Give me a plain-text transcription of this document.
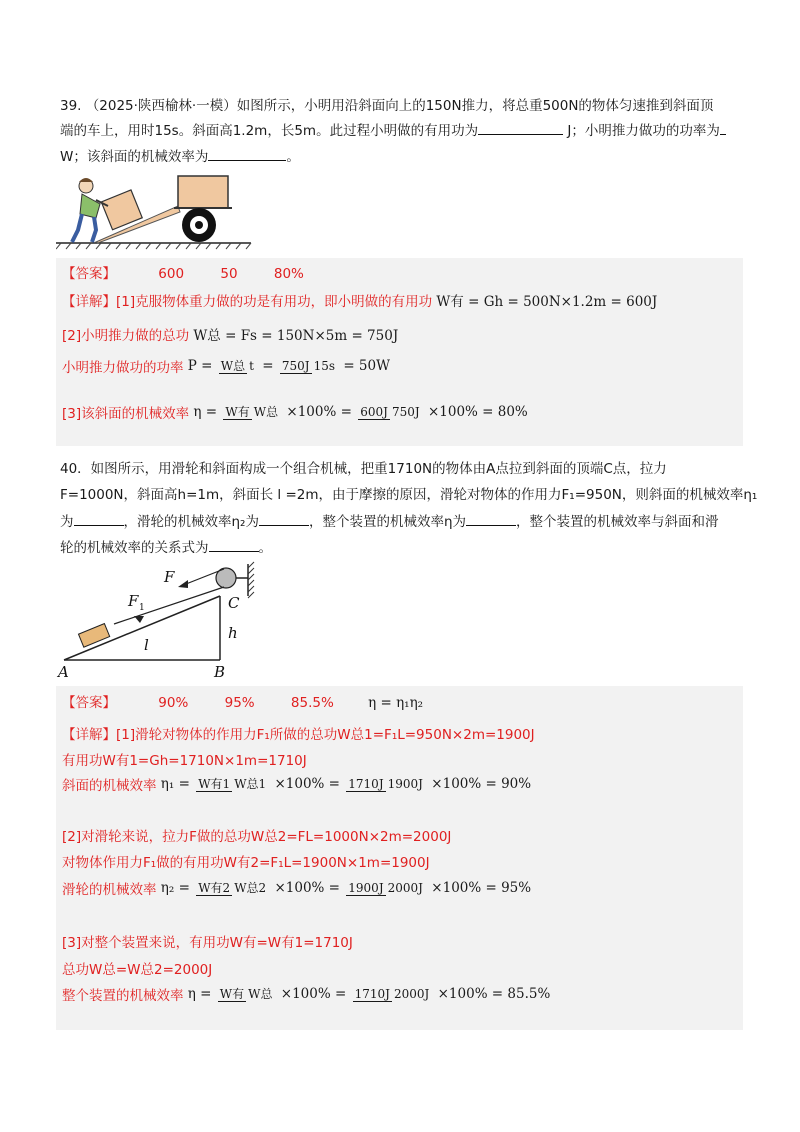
39. （2025·陕西榆林·一模）如图所示，小明用沿斜面向上的150N推力，将总重500N的物体匀速推到斜面顶
端的车上，用时15s。斜面高1.2m，长5m。此过程小明做的有用功为	J；小明推力做功的功率为
W；该斜面的机械效率为	。
【答案】	600	50	80%
【详解】[1]克服物体重力做的功是有用功，即小明做的有用功 W有 = Gh = 500N×1.2m = 600J
[2]小明推力做的总功 W总 = Fs = 150N×5m = 750J
小明推力做功的功率 P = W总 t = 750J 15s = 50W
[3]该斜面的机械效率 η = W有 W总 ×100% = 600J 750J ×100% = 80%
40．如图所示，用滑轮和斜面构成一个组合机械，把重1710N的物体由A点拉到斜面的顶端C点，拉力
F=1000N，斜面高h=1m，斜面长 l =2m，由于摩擦的原因，滑轮对物体的作用力F₁=950N，则斜面的机械效率η₁
为	，滑轮的机械效率η₂为	，整个装置的机械效率η为	，整个装置的机械效率与斜面和滑
轮的机械效率的关系式为	。
F
F 1	C
h
l
A	B
【答案】	90%	95%	85.5%	η = η₁η₂
【详解】[1]滑轮对物体的作用力F₁所做的总功W总1=F₁L=950N×2m=1900J
有用功W有1=Gh=1710N×1m=1710J
斜面的机械效率 η₁ = W有1 W总1 ×100% = 1710J 1900J ×100% = 90%
[2]对滑轮来说，拉力F做的总功W总2=FL=1000N×2m=2000J
对物体作用力F₁做的有用功W有2=F₁L=1900N×1m=1900J
滑轮的机械效率 η₂ = W有2 W总2 ×100% = 1900J 2000J ×100% = 95%
[3]对整个装置来说，有用功W有=W有1=1710J
总功W总=W总2=2000J
整个装置的机械效率 η = W有 W总 ×100% = 1710J 2000J ×100% = 85.5%
